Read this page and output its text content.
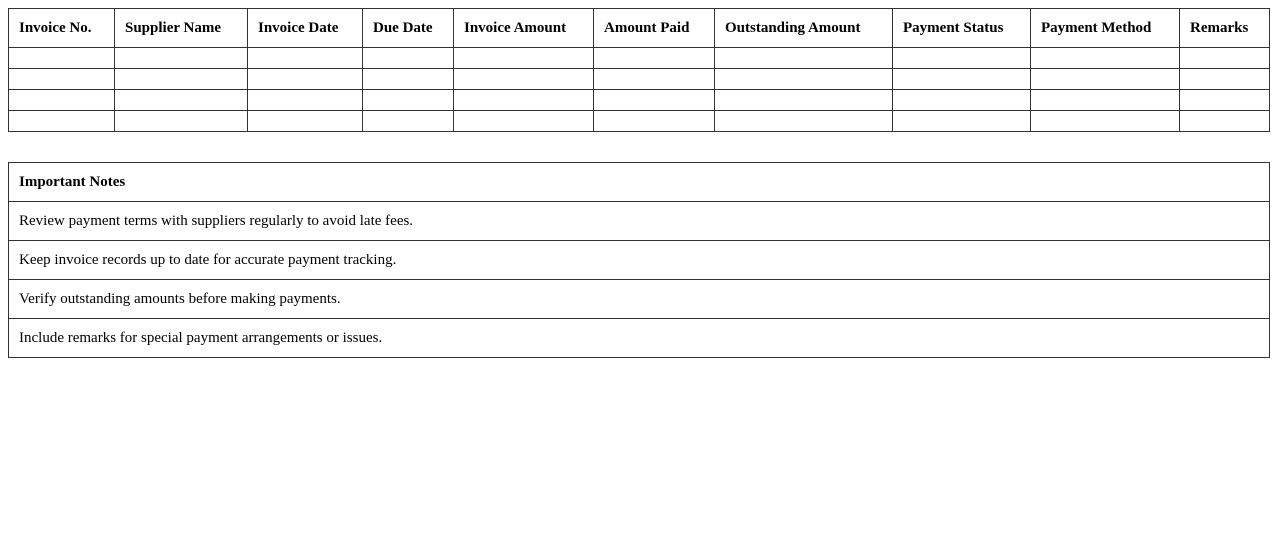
Invoice No.	Supplier Name	Invoice Date	Due Date	Invoice Amount	Amount Paid	Outstanding Amount	Payment Status	Payment Method	Remarks

Important Notes
Review payment terms with suppliers regularly to avoid late fees.
Keep invoice records up to date for accurate payment tracking.
Verify outstanding amounts before making payments.
Include remarks for special payment arrangements or issues.
